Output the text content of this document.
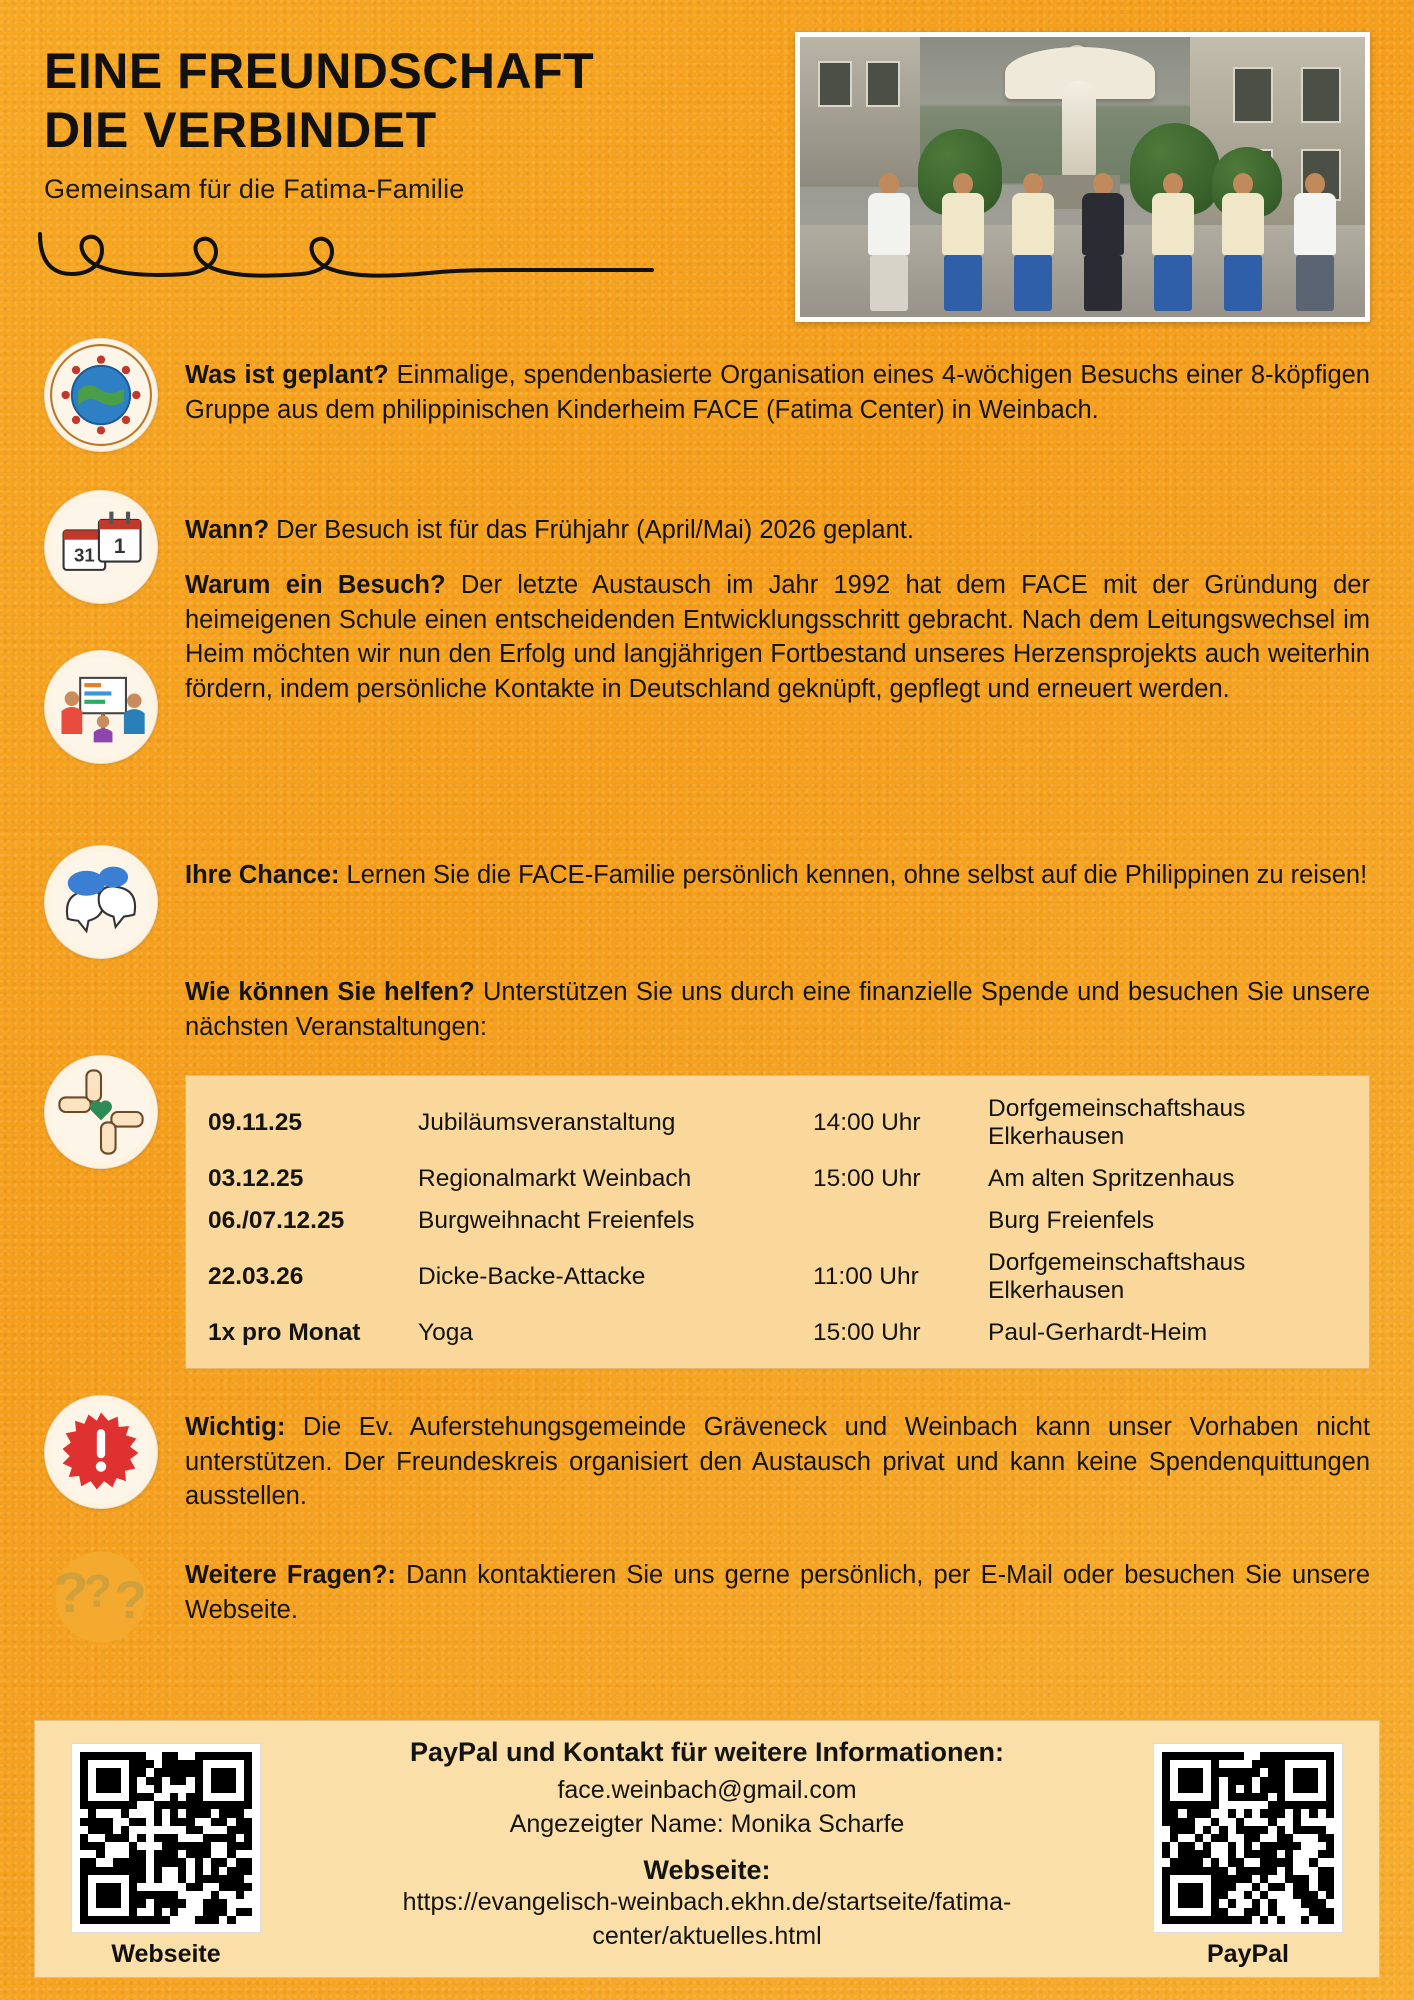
EINE FREUNDSCHAFT
DIE VERBINDET
Gemeinsam für die Fatima-Familie
Was ist geplant? Einmalige, spendenbasierte Organisation eines 4-wöchigen Besuchs einer 8-köpfigen Gruppe aus dem philippinischen Kinderheim FACE (Fatima Center) in Weinbach.
31 1
Wann? Der Besuch ist für das Frühjahr (April/Mai) 2026 geplant.
Warum ein Besuch? Der letzte Austausch im Jahr 1992 hat dem FACE mit der Gründung der heimeigenen Schule einen entscheidenden Entwicklungsschritt gebracht. Nach dem Leitungswechsel im Heim möchten wir nun den Erfolg und langjährigen Fortbestand unseres Herzensprojekts auch weiterhin fördern, indem persönliche Kontakte in Deutschland geknüpft, gepflegt und erneuert werden.
Ihre Chance: Lernen Sie die FACE-Familie persönlich kennen, ohne selbst auf die Philippinen zu reisen!
Wie können Sie helfen? Unterstützen Sie uns durch eine finanzielle Spende und besuchen Sie unsere nächsten Veranstaltungen:
09.11.25	Jubiläumsveranstaltung	14:00 Uhr	Dorfgemeinschaftshaus Elkerhausen
03.12.25	Regionalmarkt Weinbach	15:00 Uhr	Am alten Spritzenhaus
06./07.12.25	Burgweihnacht Freienfels		Burg Freienfels
22.03.26	Dicke-Backe-Attacke	11:00 Uhr	Dorfgemeinschaftshaus Elkerhausen
1x pro Monat	Yoga	15:00 Uhr	Paul-Gerhardt-Heim
Wichtig: Die Ev. Auferstehungsgemeinde Gräveneck und Weinbach kann unser Vorhaben nicht unterstützen. Der Freundeskreis organisiert den Austausch privat und kann keine Spendenquittungen ausstellen.
?
? ? Weitere Fragen?: Dann kontaktieren Sie uns gerne persönlich, per E-Mail oder besuchen Sie unsere Webseite.
Webseite	PayPal
PayPal und Kontakt für weitere Informationen:
face.weinbach@gmail.com
Angezeigter Name: Monika Scharfe
Webseite:
https://evangelisch-weinbach.ekhn.de/startseite/fatima-
center/aktuelles.html
